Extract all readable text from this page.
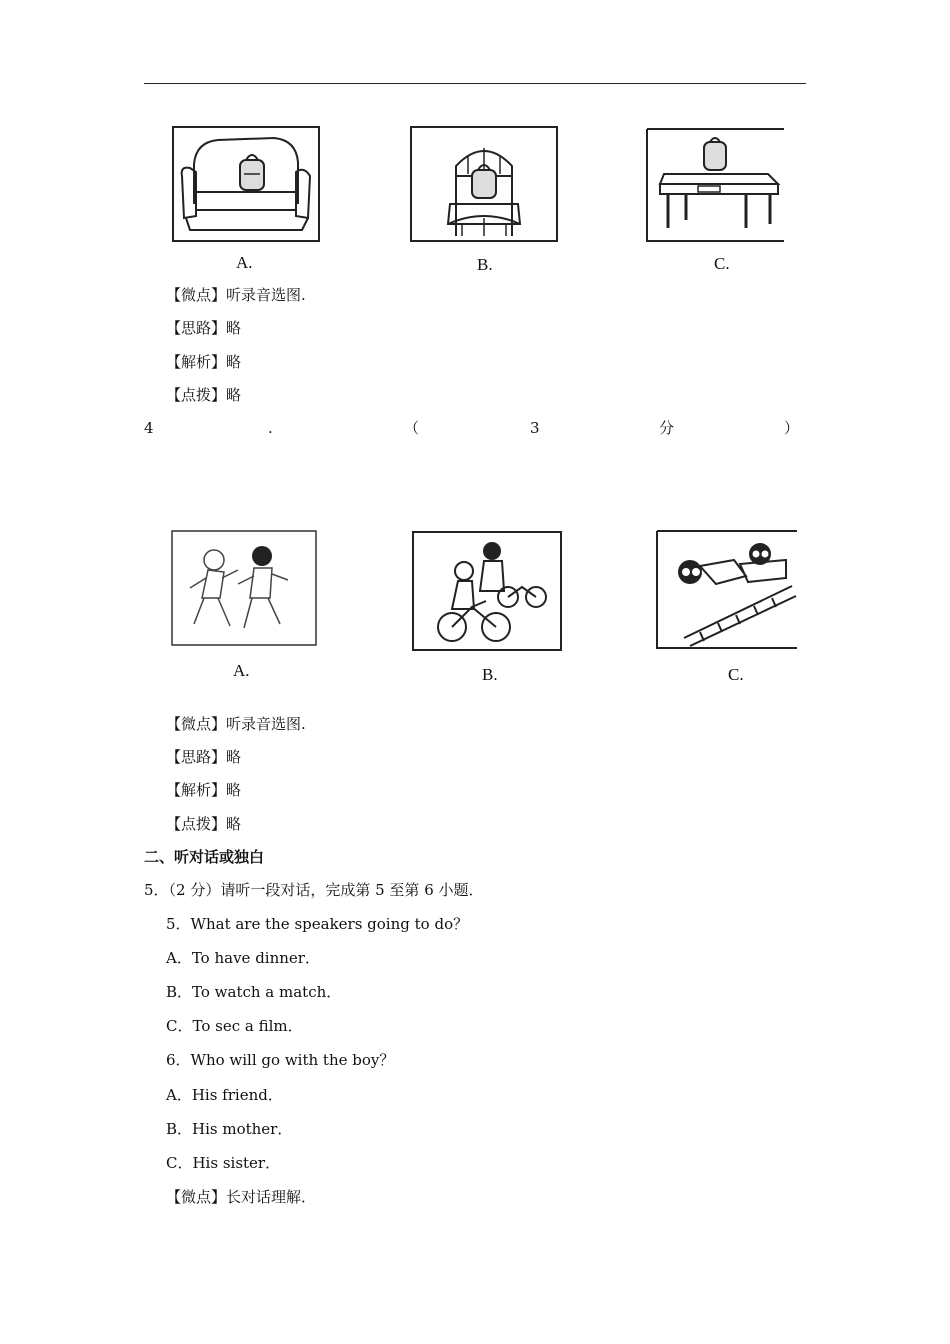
A.	B.	C.
【微点】听录音选图.
【思路】略
【解析】略
【点拨】略
4	.	（	3	分	）
A.	B.	C.
【微点】听录音选图.
【思路】略
【解析】略
【点拨】略
二、听对话或独白
5．（2 分）请听一段对话，完成第 5 至第 6 小题．
5．What are the speakers going to do？
A．To have dinner．
B．To watch a match．
C．To sec a film．
6．Who will go with the boy？
A．His friend．
B．His mother．
C．His sister．
【微点】长对话理解．
